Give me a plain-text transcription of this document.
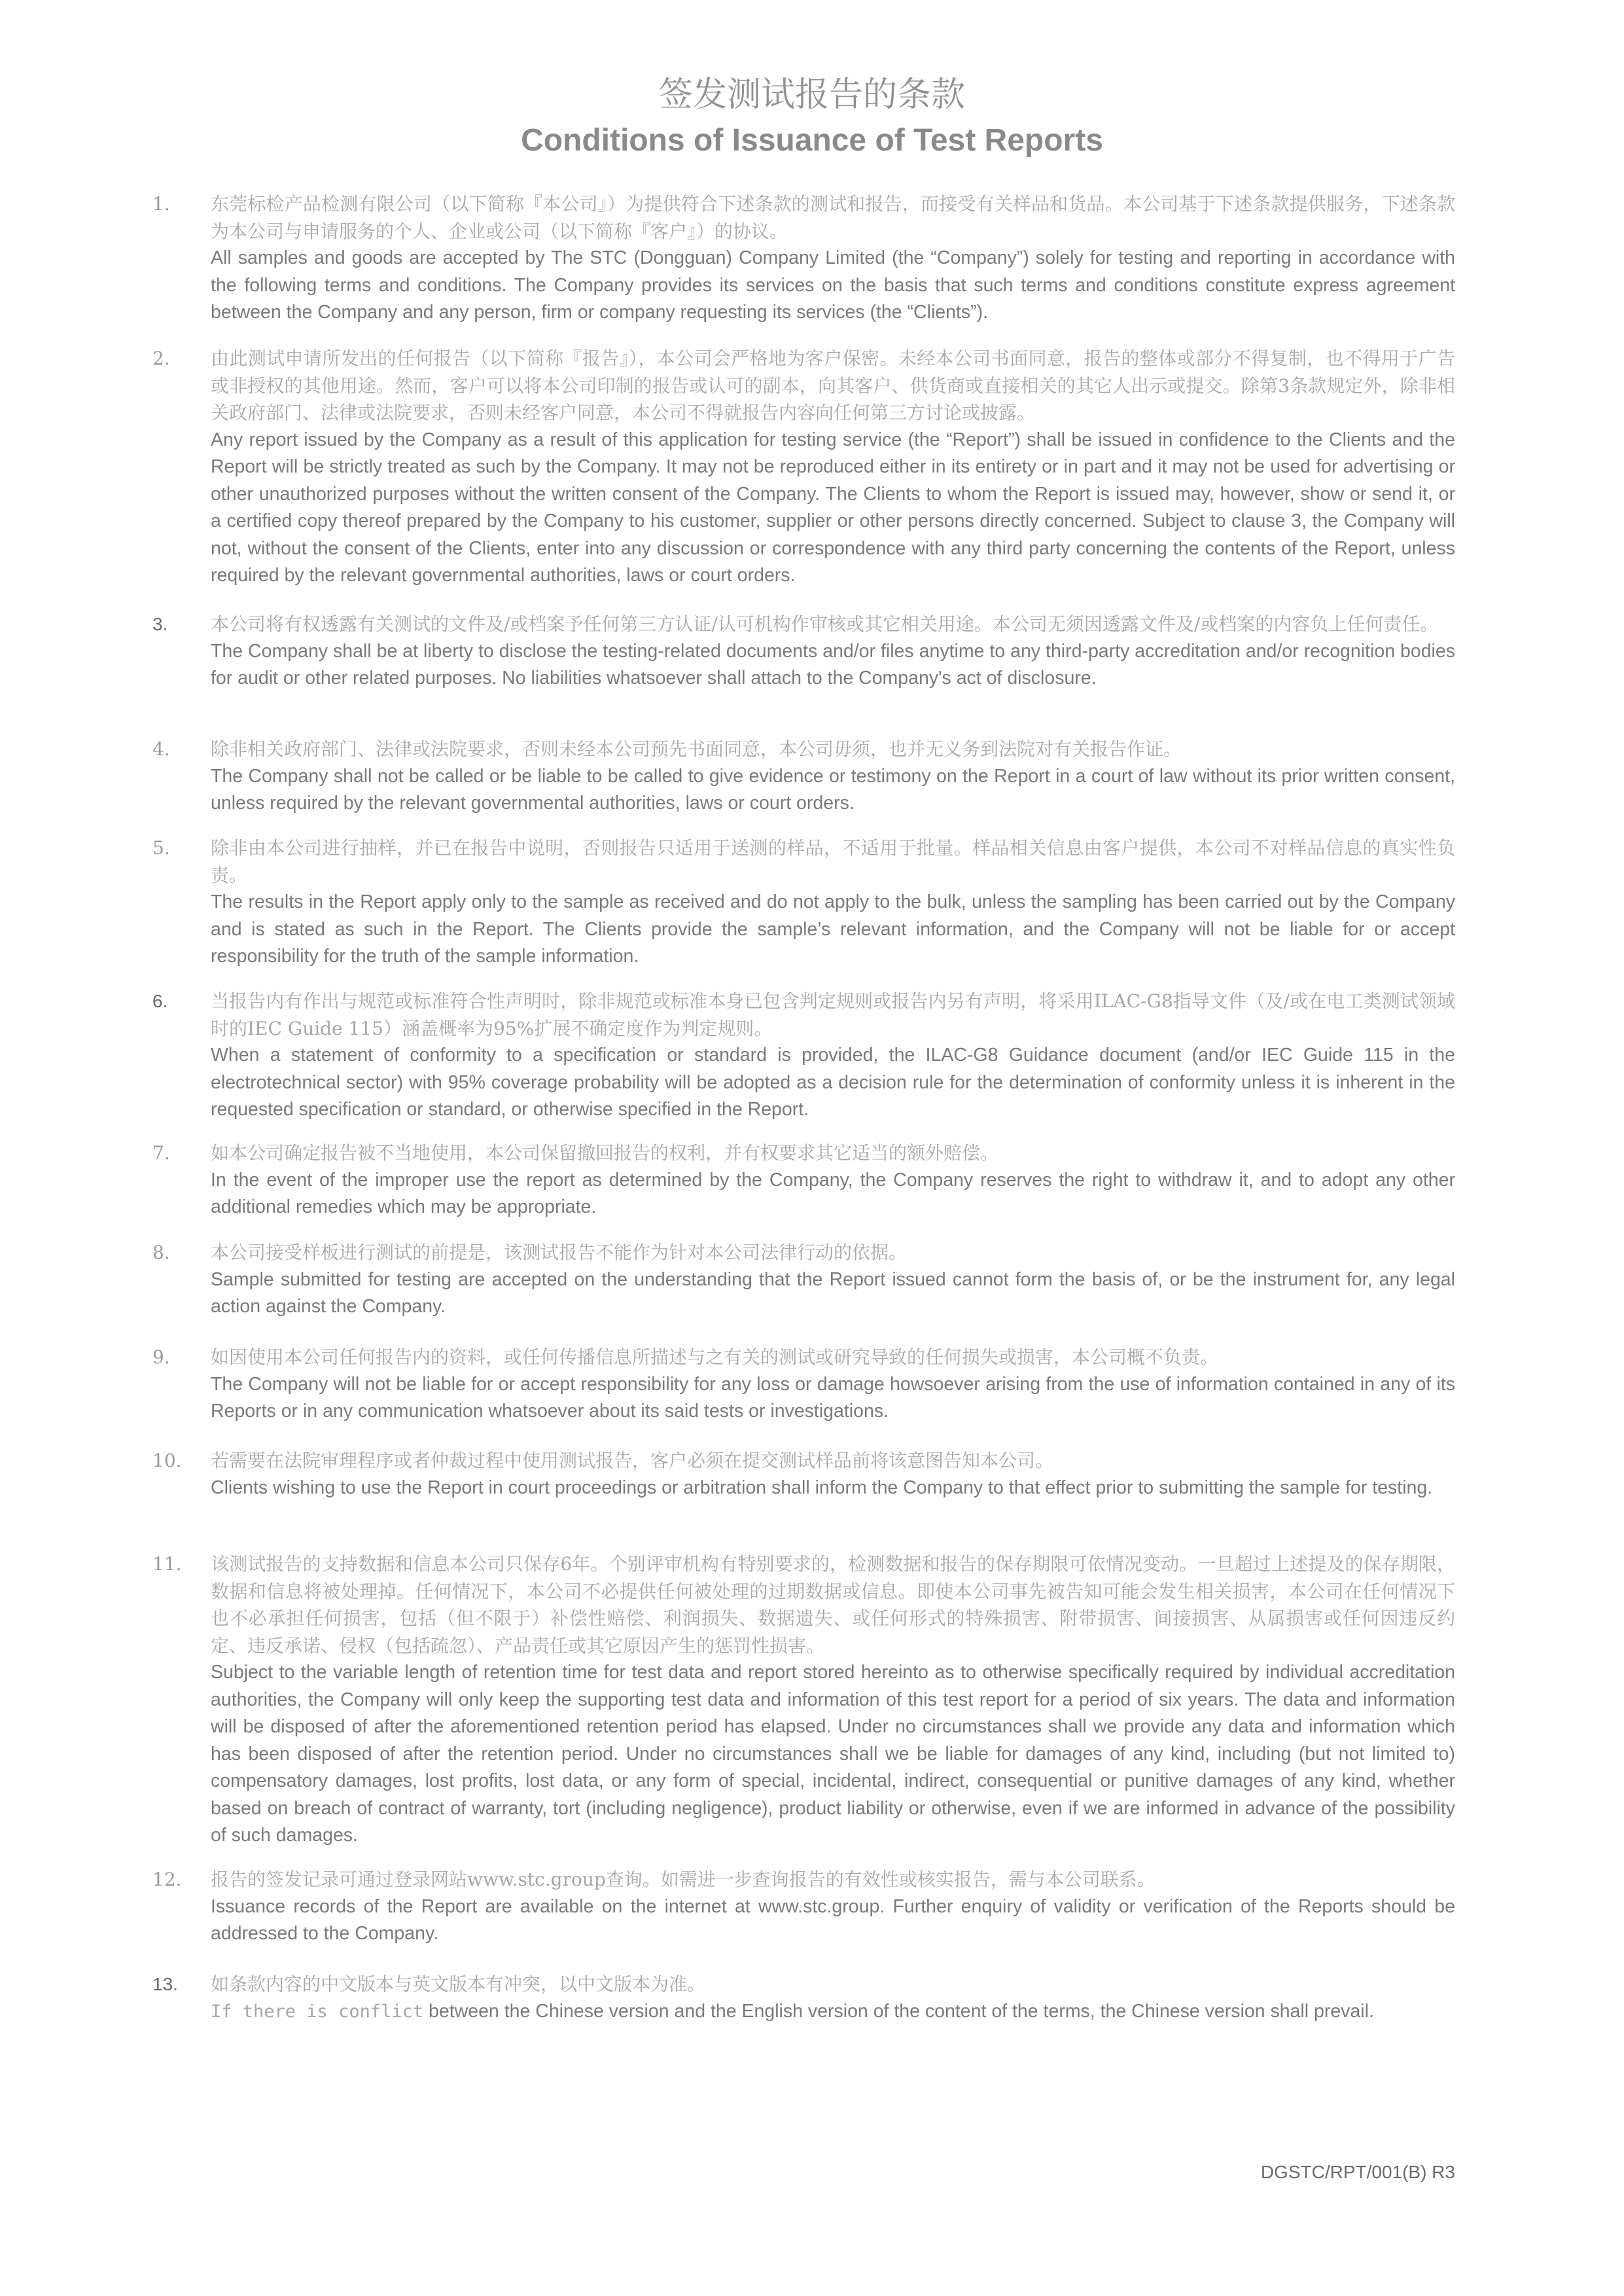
签发测试报告的条款
Conditions of Issuance of Test Reports
1.	东莞标检产品检测有限公司（以下简称『本公司』）为提供符合下述条款的测试和报告，而接受有关样品和货品。本公司基于下述条款提供服务，下述条款为本公司与申请服务的个人、企业或公司（以下简称『客户』）的协议。

All samples and goods are accepted by The STC (Dongguan) Company Limited (the “Company”) solely for testing and reporting in accordance with the following terms and conditions. The Company provides its services on the basis that such terms and conditions constitute express agreement between the Company and any person, firm or company requesting its services (the “Clients”).

2.	由此测试申请所发出的任何报告（以下简称『报告』），本公司会严格地为客户保密。未经本公司书面同意，报告的整体或部分不得复制，也不得用于广告或非授权的其他用途。然而，客户可以将本公司印制的报告或认可的副本，向其客户、供货商或直接相关的其它人出示或提交。除第3条款规定外，除非相关政府部门、法律或法院要求，否则未经客户同意，本公司不得就报告内容向任何第三方讨论或披露。

Any report issued by the Company as a result of this application for testing service (the “Report”) shall be issued in confidence to the Clients and the Report will be strictly treated as such by the Company. It may not be reproduced either in its entirety or in part and it may not be used for advertising or other unauthorized purposes without the written consent of the Company. The Clients to whom the Report is issued may, however, show or send it, or a certified copy thereof prepared by the Company to his customer, supplier or other persons directly concerned. Subject to clause 3, the Company will not, without the consent of the Clients, enter into any discussion or correspondence with any third party concerning the contents of the Report, unless required by the relevant governmental authorities, laws or court orders.

3.	本公司将有权透露有关测试的文件及/或档案予任何第三方认证/认可机构作审核或其它相关用途。本公司无须因透露文件及/或档案的内容负上任何责任。

The Company shall be at liberty to disclose the testing-related documents and/or files anytime to any third-party accreditation and/or recognition bodies for audit or other related purposes. No liabilities whatsoever shall attach to the Company's act of disclosure.

4.	除非相关政府部门、法律或法院要求，否则未经本公司预先书面同意，本公司毋须，也并无义务到法院对有关报告作证。

The Company shall not be called or be liable to be called to give evidence or testimony on the Report in a court of law without its prior written consent, unless required by the relevant governmental authorities, laws or court orders.

5.	除非由本公司进行抽样，并已在报告中说明，否则报告只适用于送测的样品，不适用于批量。样品相关信息由客户提供，本公司不对样品信息的真实性负责。

The results in the Report apply only to the sample as received and do not apply to the bulk, unless the sampling has been carried out by the Company and is stated as such in the Report. The Clients provide the sample’s relevant information, and the Company will not be liable for or accept responsibility for the truth of the sample information.

6.	当报告内有作出与规范或标准符合性声明时，除非规范或标准本身已包含判定规则或报告内另有声明，将采用ILAC-G8指导文件（及/或在电工类测试领域时的IEC Guide 115）涵盖概率为95%扩展不确定度作为判定规则。

When a statement of conformity to a specification or standard is provided, the ILAC-G8 Guidance document (and/or IEC Guide 115 in the electrotechnical sector) with 95% coverage probability will be adopted as a decision rule for the determination of conformity unless it is inherent in the requested specification or standard, or otherwise specified in the Report.

7.	如本公司确定报告被不当地使用，本公司保留撤回报告的权利，并有权要求其它适当的额外赔偿。

In the event of the improper use the report as determined by the Company, the Company reserves the right to withdraw it, and to adopt any other additional remedies which may be appropriate.

8.	本公司接受样板进行测试的前提是，该测试报告不能作为针对本公司法律行动的依据。

Sample submitted for testing are accepted on the understanding that the Report issued cannot form the basis of, or be the instrument for, any legal action against the Company.

9.	如因使用本公司任何报告内的资料，或任何传播信息所描述与之有关的测试或研究导致的任何损失或损害，本公司概不负责。

The Company will not be liable for or accept responsibility for any loss or damage howsoever arising from the use of information contained in any of its Reports or in any communication whatsoever about its said tests or investigations.

10.	若需要在法院审理程序或者仲裁过程中使用测试报告，客户必须在提交测试样品前将该意图告知本公司。

Clients wishing to use the Report in court proceedings or arbitration shall inform the Company to that effect prior to submitting the sample for testing.

11.	该测试报告的支持数据和信息本公司只保存6年。个别评审机构有特别要求的，检测数据和报告的保存期限可依情况变动。一旦超过上述提及的保存期限，数据和信息将被处理掉。任何情况下，本公司不必提供任何被处理的过期数据或信息。即使本公司事先被告知可能会发生相关损害，本公司在任何情况下也不必承担任何损害，包括（但不限于）补偿性赔偿、利润损失、数据遗失、或任何形式的特殊损害、附带损害、间接损害、从属损害或任何因违反约定、违反承诺、侵权（包括疏忽）、产品责任或其它原因产生的惩罚性损害。

Subject to the variable length of retention time for test data and report stored hereinto as to otherwise specifically required by individual accreditation authorities, the Company will only keep the supporting test data and information of this test report for a period of six years. The data and information will be disposed of after the aforementioned retention period has elapsed. Under no circumstances shall we provide any data and information which has been disposed of after the retention period. Under no circumstances shall we be liable for damages of any kind, including (but not limited to) compensatory damages, lost profits, lost data, or any form of special, incidental, indirect, consequential or punitive damages of any kind, whether based on breach of contract of warranty, tort (including negligence), product liability or otherwise, even if we are informed in advance of the possibility of such damages.

12.	报告的签发记录可通过登录网站www.stc.group查询。如需进一步查询报告的有效性或核实报告，需与本公司联系。

Issuance records of the Report are available on the internet at www.stc.group. Further enquiry of validity or verification of the Reports should be addressed to the Company.

13.	如条款内容的中文版本与英文版本有冲突，以中文版本为准。

If there is conflict between the Chinese version and the English version of the content of the terms, the Chinese version shall prevail.

DGSTC/RPT/001(B) R3
